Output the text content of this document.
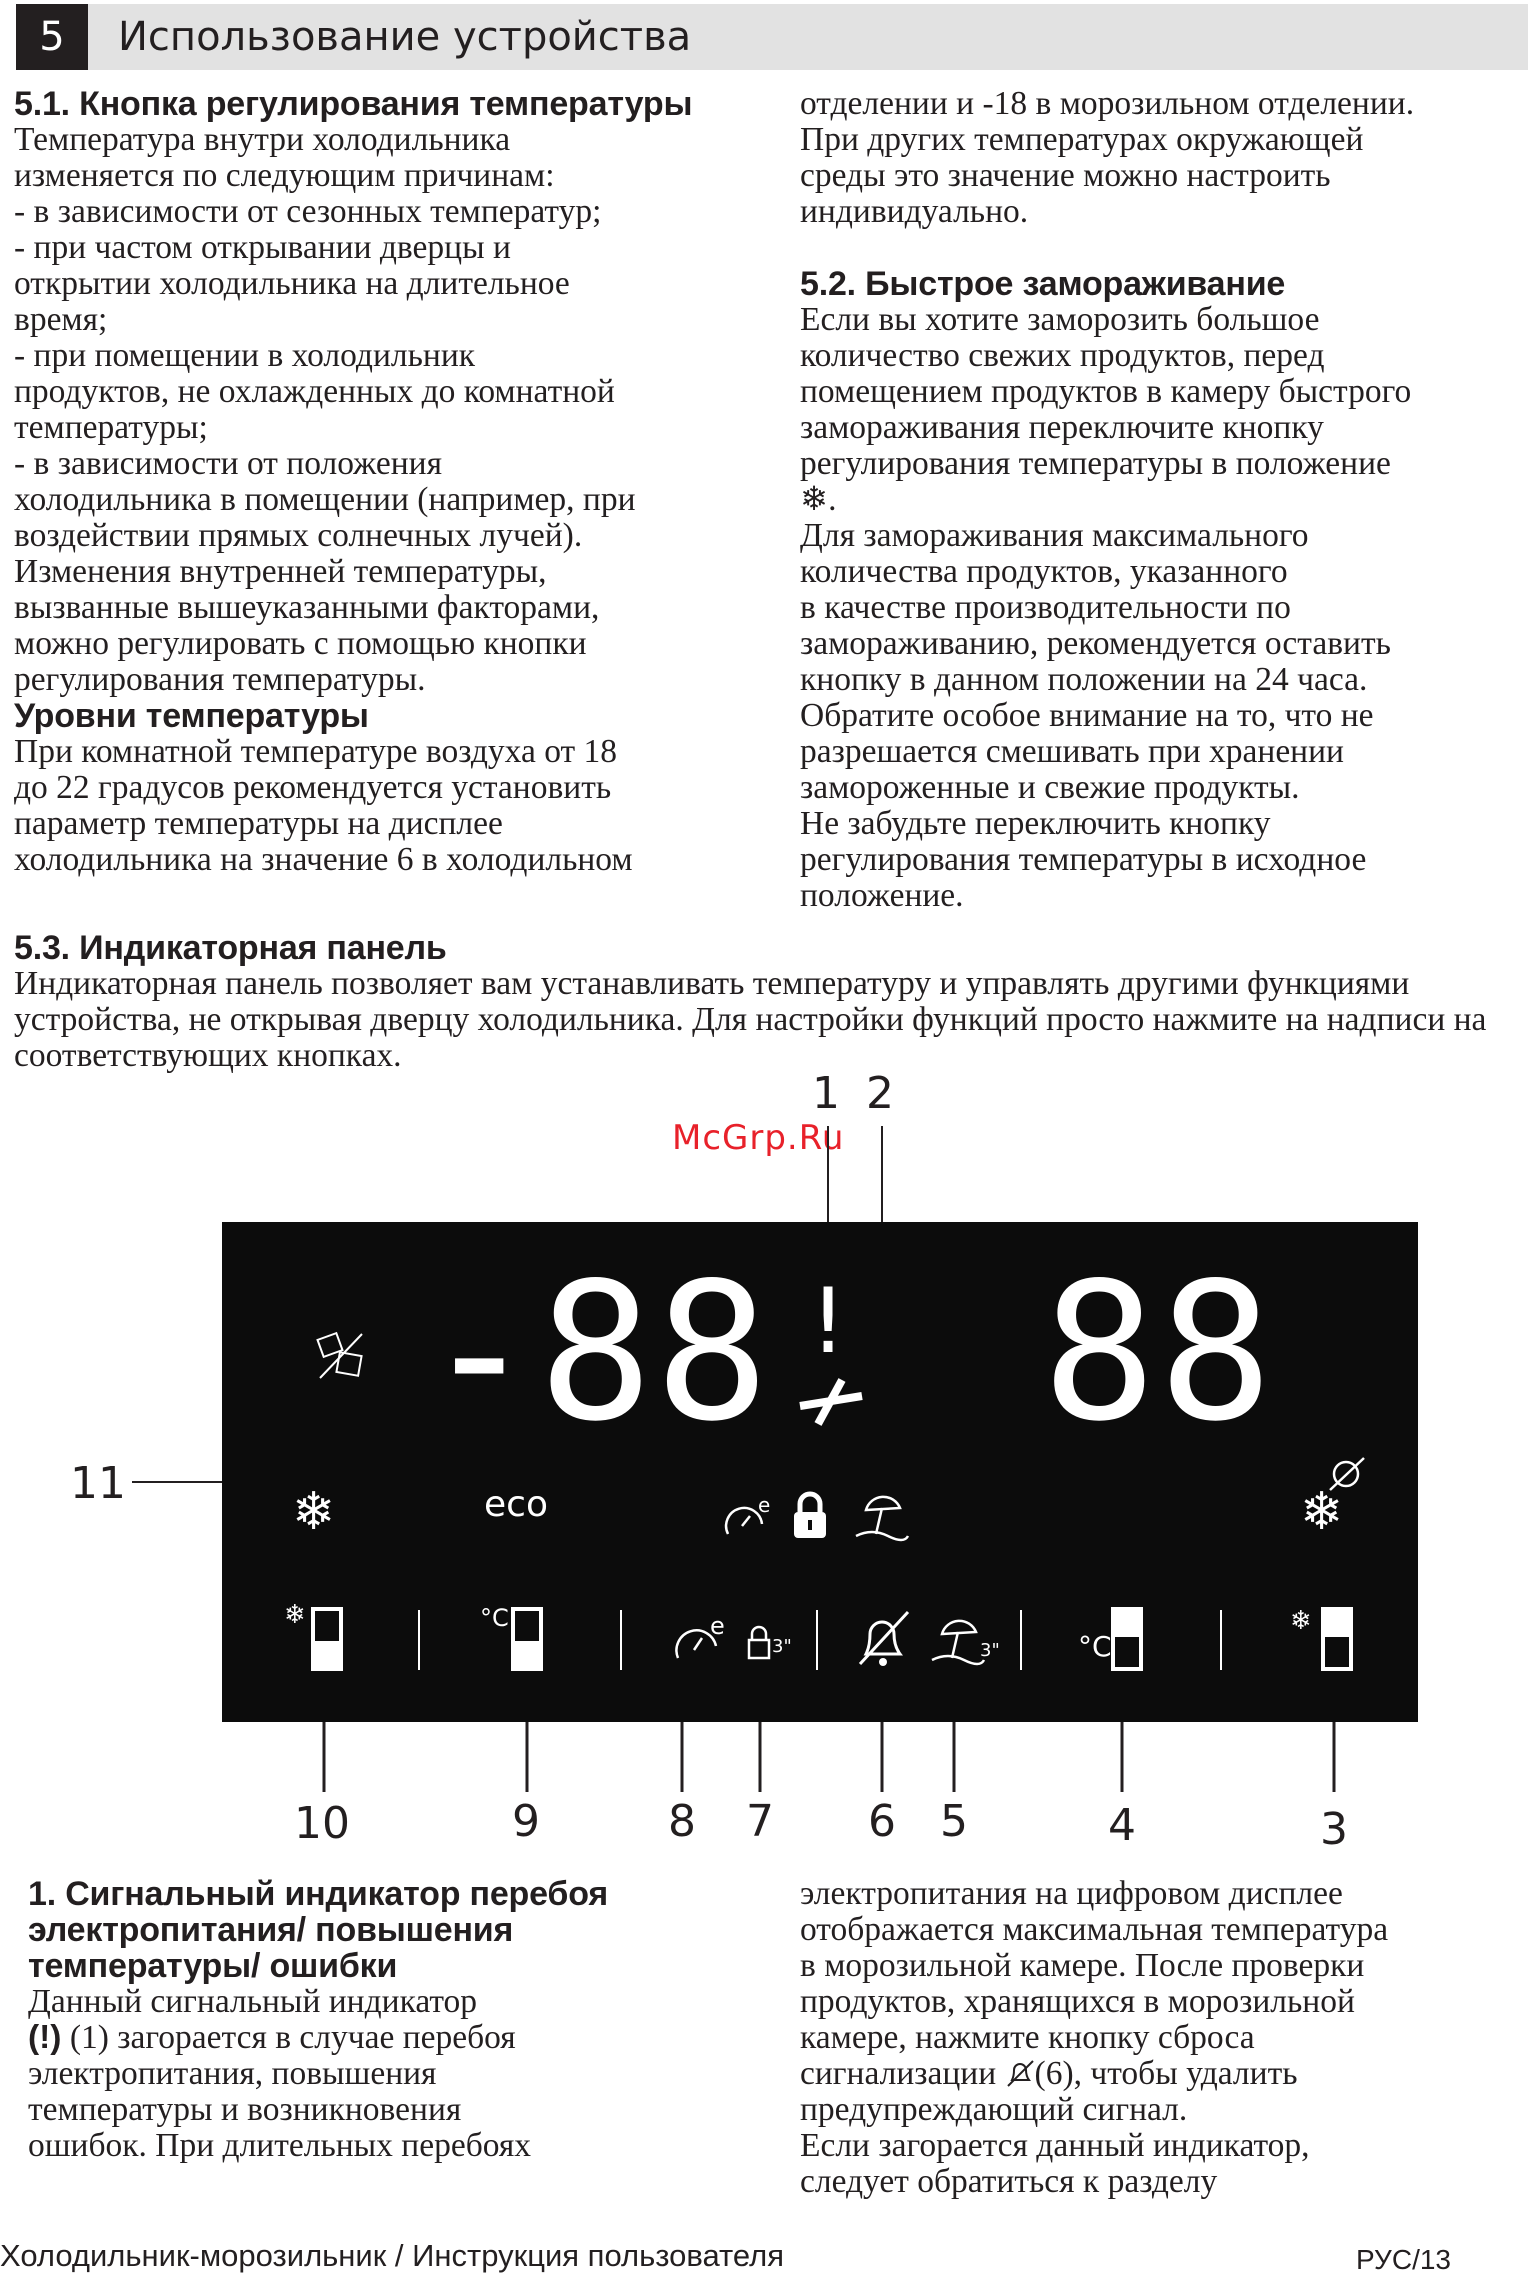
5	Использование устройства
5.1. Кнопка регулирования температуры

Температура внутри холодильника
изменяется по следующим причинам:
- в зависимости от сезонных температур;
- при частом открывании дверцы и
открытии холодильника на длительное
время;
- при помещении в холодильник
продуктов, не охлажденных до комнатной
температуры;
- в зависимости от положения
холодильника в помещении (например, при
воздействии прямых солнечных лучей).
Изменения внутренней температуры,
вызванные вышеуказанными факторами,
можно регулировать с помощью кнопки
регулирования температуры.

Уровни температуры

При комнатной температуре воздуха от 18
до 22 градусов рекомендуется установить
параметр температуры на дисплее
холодильника на значение 6 в холодильном

отделении и -18 в морозильном отделении.
При других температурах окружающей
среды это значение можно настроить
индивидуально.

5.2. Быстрое замораживание

Если вы хотите заморозить большое
количество свежих продуктов, перед
помещением продуктов в камеру быстрого
замораживания переключите кнопку
регулирования температуры в положение

❄.

Для замораживания максимального
количества продуктов, указанного
в качестве производительности по
замораживанию, рекомендуется оставить
кнопку в данном положении на 24 часа.
Обратите особое внимание на то, что не
разрешается смешивать при хранении
замороженные и свежие продукты.
Не забудьте переключить кнопку
регулирования температуры в исходное
положение.

5.3. Индикаторная панель

Индикаторная панель позволяет вам устанавливать температуру и управлять другими функциями устройства, не открывая дверцу холодильника. Для настройки функций просто нажмите на надписи на соответствующих кнопках.

McGrp.Ru
1 2
11
-88 88
!
eco
❄	❄
e
❄	°C	e
3"	3"	°C
❄
10	9	8 7 6 5	4	3
1. Сигнальный индикатор перебоя
электропитания/ повышения
температуры/ ошибки

Данный сигнальный индикатор

(!) (1) загорается в случае перебоя
электропитания, повышения
температуры и возникновения
ошибок. При длительных перебоях

электропитания на цифровом дисплее
отображается максимальная температура
в морозильной камере. После проверки
продуктов, хранящихся в морозильной
камере, нажмите кнопку сброса
сигнализации (6), чтобы удалить
предупреждающий сигнал.
Если загорается данный индикатор,
следует обратиться к разделу

Холодильник-морозильник / Инструкция пользователя	РУС/13
